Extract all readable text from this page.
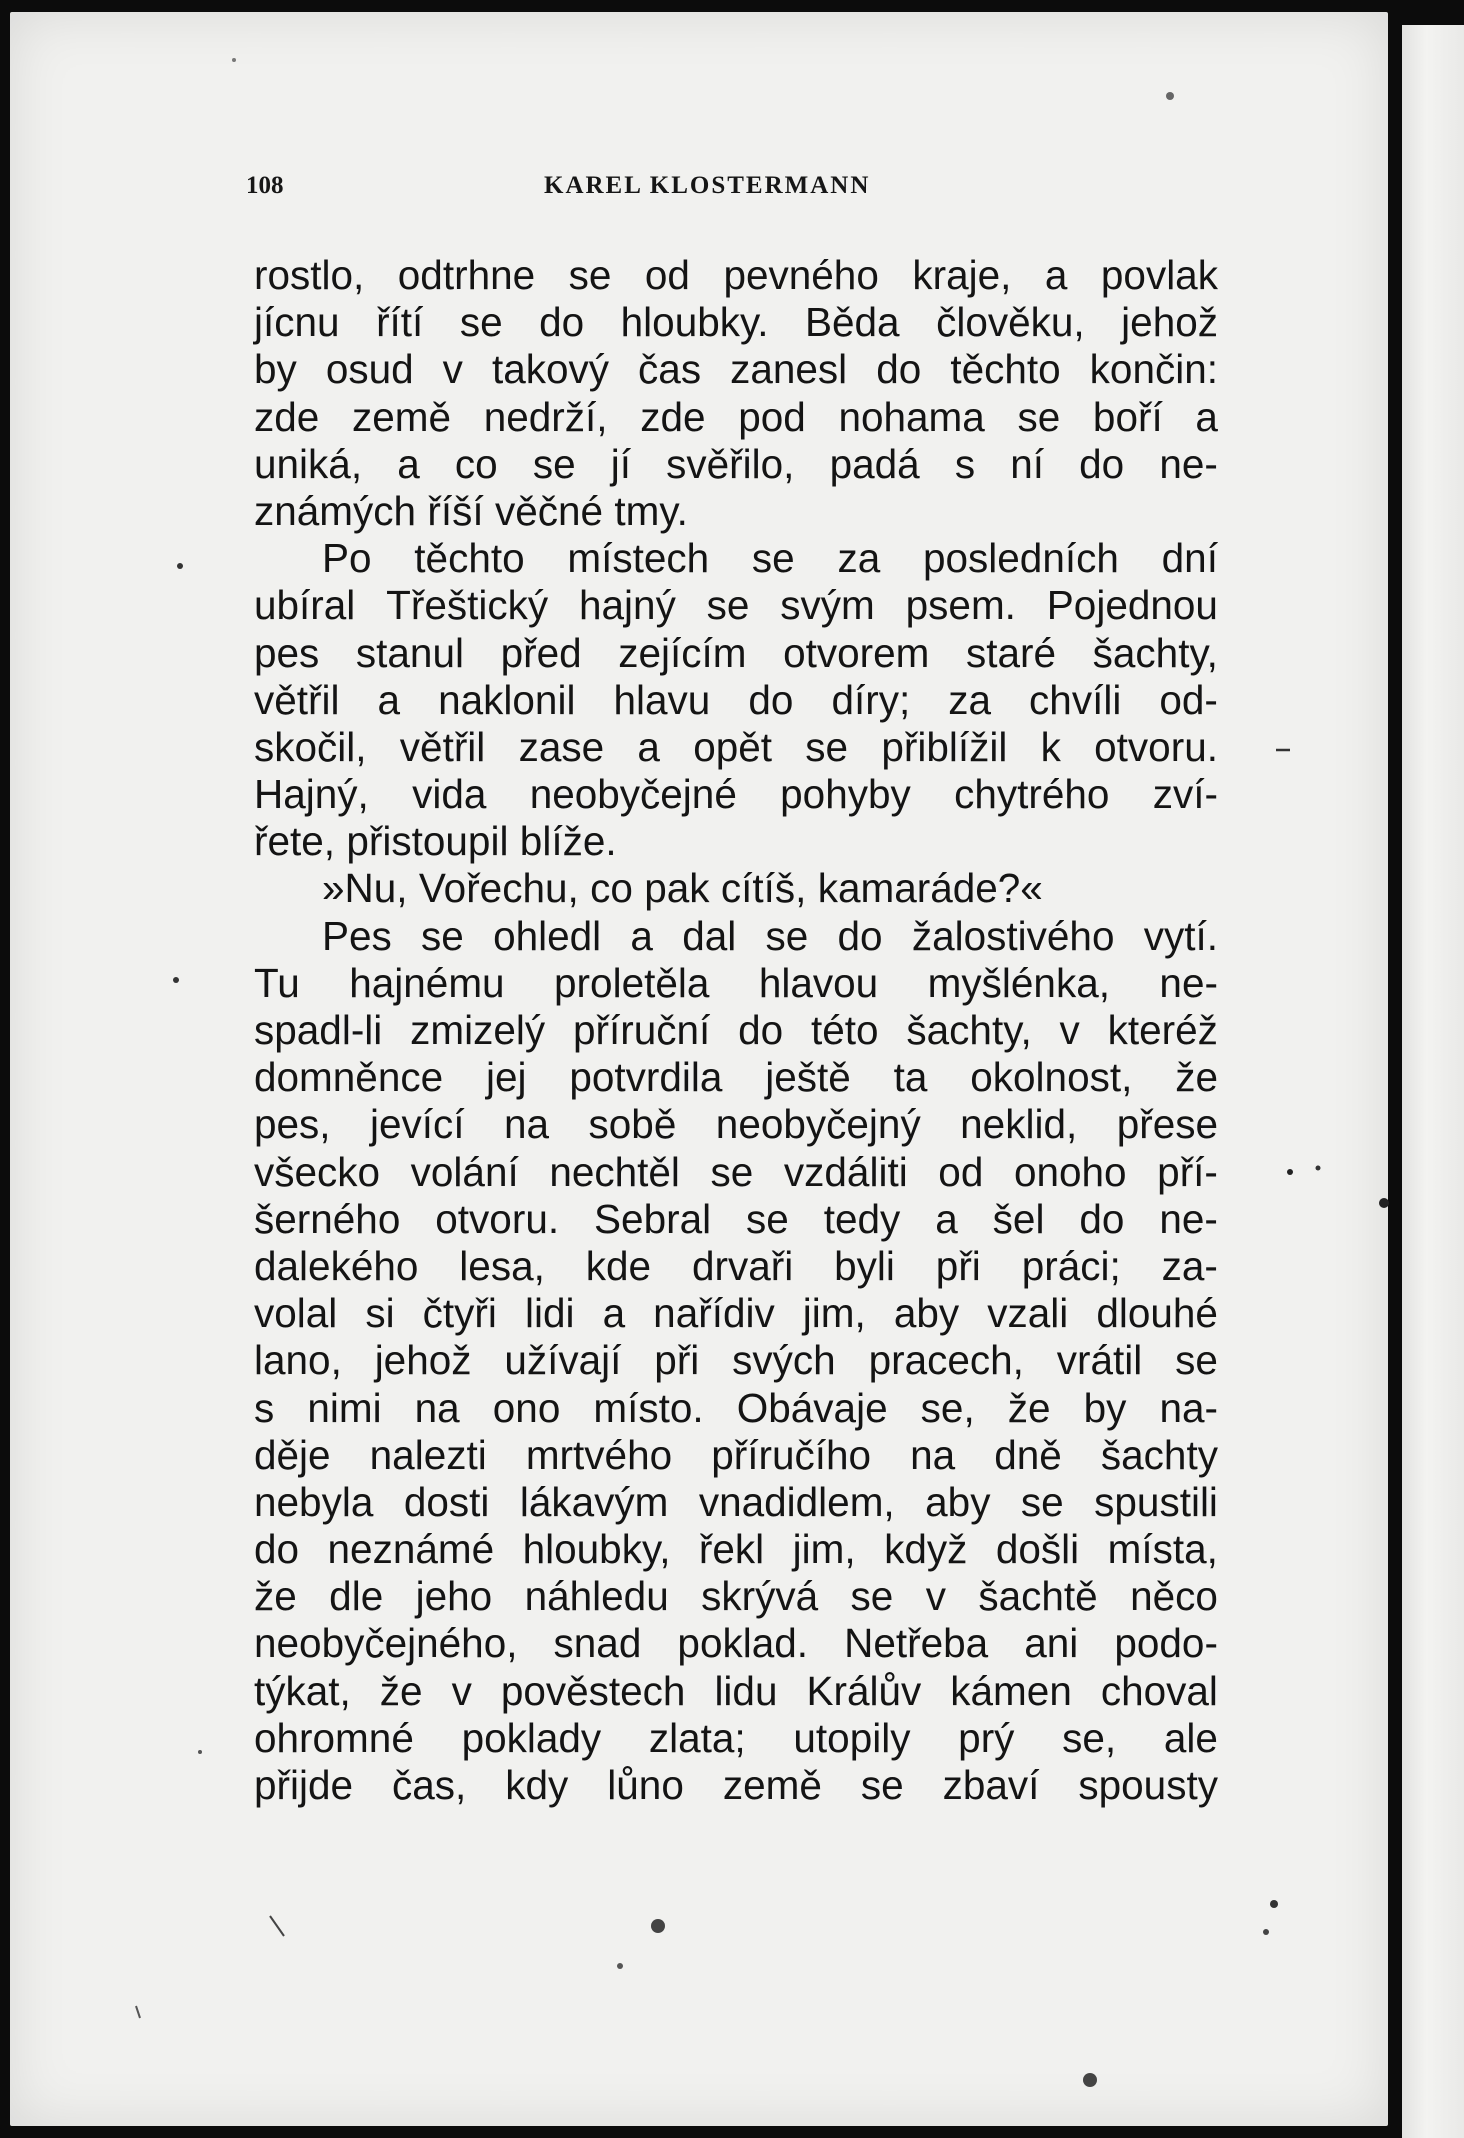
108	KAREL KLOSTERMANN
rostlo, odtrhne se od pevného kraje, a povlak
jícnu řítí se do hloubky. Běda člověku, jehož
by osud v takový čas zanesl do těchto končin:
zde země nedrží, zde pod nohama se boří a
uniká, a co se jí svěřilo, padá s ní do ne-
známých říší věčné tmy.
Po těchto místech se za posledních dní
ubíral Třeštický hajný se svým psem. Pojednou
pes stanul před zejícím otvorem staré šachty,
větřil a naklonil hlavu do díry; za chvíli od-
skočil, větřil zase a opět se přiblížil k otvoru.
Hajný, vida neobyčejné pohyby chytrého zví-
řete, přistoupil blíže.
»Nu, Vořechu, co pak cítíš, kamaráde?«
Pes se ohledl a dal se do žalostivého vytí.
Tu hajnému proletěla hlavou myšlénka, ne-
spadl-li zmizelý příruční do této šachty, v kteréž
domněnce jej potvrdila ještě ta okolnost, že
pes, jevící na sobě neobyčejný neklid, přese
všecko volání nechtěl se vzdáliti od onoho pří-
šerného otvoru. Sebral se tedy a šel do ne-
dalekého lesa, kde drvaři byli při práci; za-
volal si čtyři lidi a nařídiv jim, aby vzali dlouhé
lano, jehož užívají při svých pracech, vrátil se
s nimi na ono místo. Obávaje se, že by na-
děje nalezti mrtvého příručího na dně šachty
nebyla dosti lákavým vnadidlem, aby se spustili
do neznámé hloubky, řekl jim, když došli místa,
že dle jeho náhledu skrývá se v šachtě něco
neobyčejného, snad poklad. Netřeba ani podo-
týkat, že v pověstech lidu Králův kámen choval
ohromné poklady zlata; utopily prý se, ale
přijde čas, kdy lůno země se zbaví spousty
